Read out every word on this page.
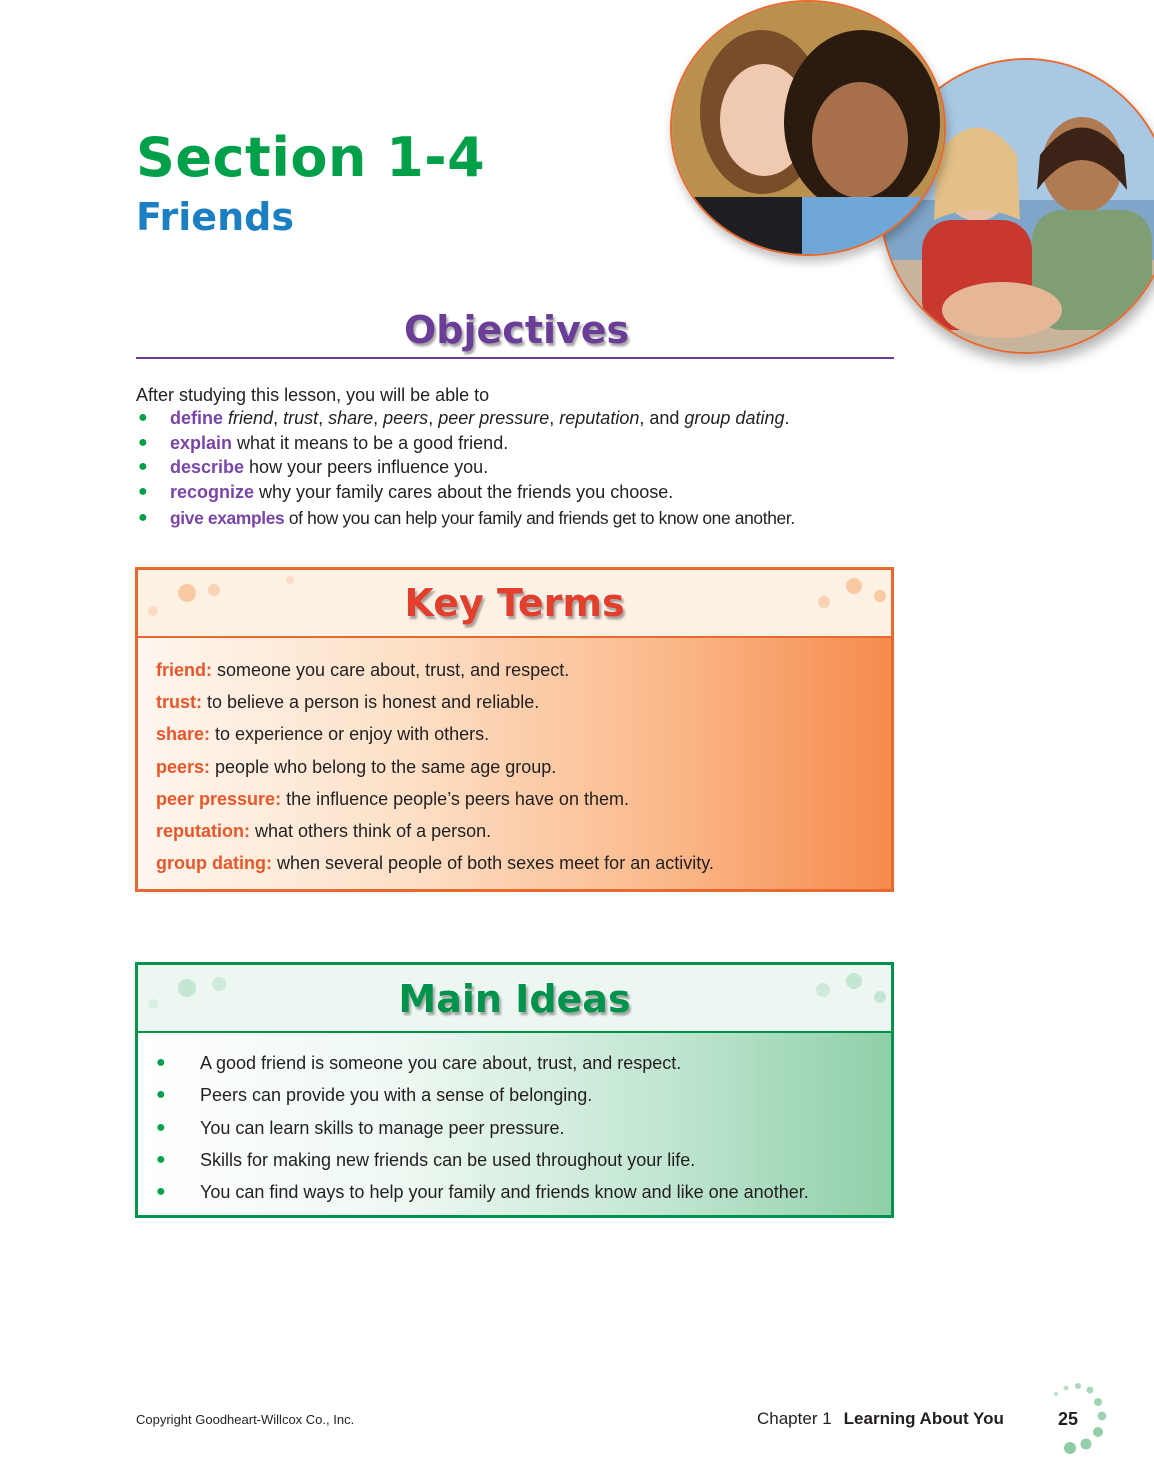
Section 1-4
Friends
Objectives
After studying this lesson, you will be able to
● define friend, trust, share, peers, peer pressure, reputation, and group dating.
● explain what it means to be a good friend.
● describe how your peers influence you.
● recognize why your family cares about the friends you choose.
● give examples of how you can help your family and friends get to know one another.
Key Terms
friend: someone you care about, trust, and respect.
trust: to believe a person is honest and reliable.
share: to experience or enjoy with others.
peers: people who belong to the same age group.
peer pressure: the influence people’s peers have on them.
reputation: what others think of a person.
group dating: when several people of both sexes meet for an activity.
Main Ideas
● A good friend is someone you care about, trust, and respect.
● Peers can provide you with a sense of belonging.
● You can learn skills to manage peer pressure.
● Skills for making new friends can be used throughout your life.
● You can find ways to help your family and friends know and like one another.
Copyright Goodheart-Willcox Co., Inc.	Chapter 1 Learning About You	25
